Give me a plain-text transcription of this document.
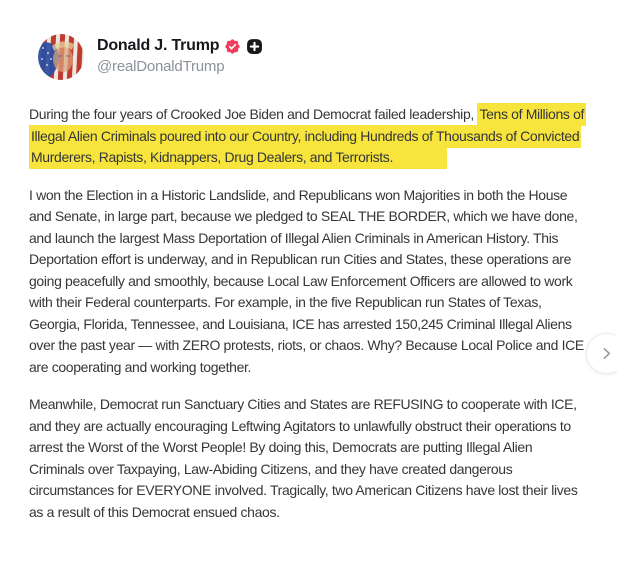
Donald J. Trump
@realDonaldTrump
During the four years of Crooked Joe Biden and Democrat failed leadership, Tens of Millions of
Illegal Alien Criminals poured into our Country, including Hundreds of Thousands of Convicted
Murderers, Rapists, Kidnappers, Drug Dealers, and Terrorists.
I won the Election in a Historic Landslide, and Republicans won Majorities in both the House
and Senate, in large part, because we pledged to SEAL THE BORDER, which we have done,
and launch the largest Mass Deportation of Illegal Alien Criminals in American History. This
Deportation effort is underway, and in Republican run Cities and States, these operations are
going peacefully and smoothly, because Local Law Enforcement Officers are allowed to work
with their Federal counterparts. For example, in the five Republican run States of Texas,
Georgia, Florida, Tennessee, and Louisiana, ICE has arrested 150,245 Criminal Illegal Aliens
over the past year — with ZERO protests, riots, or chaos. Why? Because Local Police and ICE
are cooperating and working together.
Meanwhile, Democrat run Sanctuary Cities and States are REFUSING to cooperate with ICE,
and they are actually encouraging Leftwing Agitators to unlawfully obstruct their operations to
arrest the Worst of the Worst People! By doing this, Democrats are putting Illegal Alien
Criminals over Taxpaying, Law-Abiding Citizens, and they have created dangerous
circumstances for EVERYONE involved. Tragically, two American Citizens have lost their lives
as a result of this Democrat ensued chaos.
